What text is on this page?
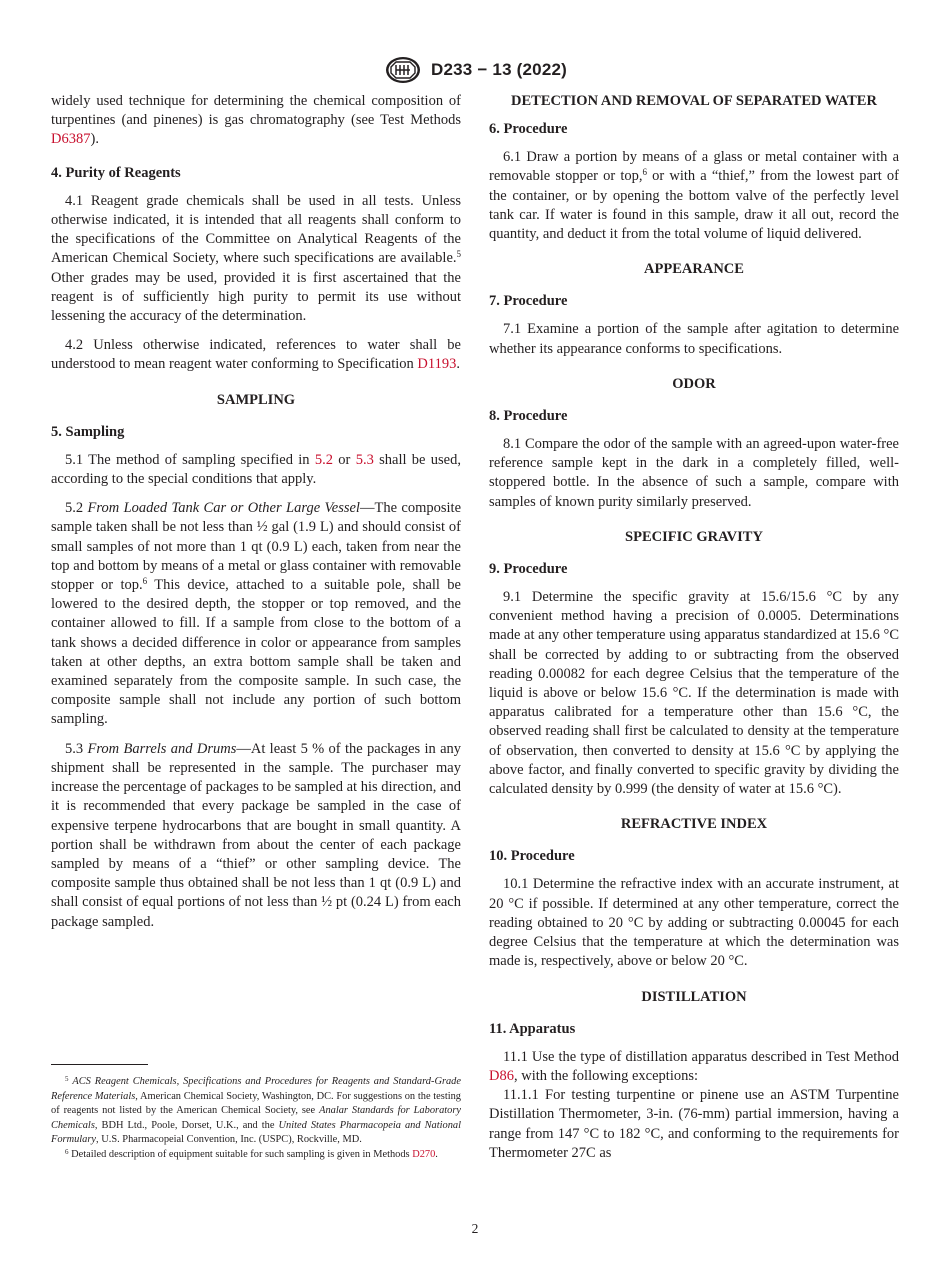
D233 − 13 (2022)

widely used technique for determining the chemical composition of turpentines (and pinenes) is gas chromatography (see Test Methods D6387).

4. Purity of Reagents

4.1 Reagent grade chemicals shall be used in all tests. Unless otherwise indicated, it is intended that all reagents shall conform to the specifications of the Committee on Analytical Reagents of the American Chemical Society, where such specifications are available.$^5$ Other grades may be used, provided it is first ascertained that the reagent is of sufficiently high purity to permit its use without lessening the accuracy of the determination.

4.2 Unless otherwise indicated, references to water shall be understood to mean reagent water conforming to Specification D1193.

SAMPLING
5. Sampling

5.1 The method of sampling specified in 5.2 or 5.3 shall be used, according to the special conditions that apply.

5.2 From Loaded Tank Car or Other Large Vessel—The composite sample taken shall be not less than ½ gal (1.9 L) and should consist of small samples of not more than 1 qt (0.9 L) each, taken from near the top and bottom by means of a metal or glass container with removable stopper or top.$^6$ This device, attached to a suitable pole, shall be lowered to the desired depth, the stopper or top removed, and the container allowed to fill. If a sample from close to the bottom of a tank shows a decided difference in color or appearance from samples taken at other depths, an extra bottom sample shall be taken and examined separately from the composite sample. In such case, the composite sample shall not include any portion of such bottom sampling.

5.3 From Barrels and Drums—At least 5 % of the packages in any shipment shall be represented in the sample. The purchaser may increase the percentage of packages to be sampled at his direction, and it is recommended that every package be sampled in the case of expensive terpene hydrocarbons that are bought in small quantity. A portion shall be withdrawn from about the center of each package sampled by means of a “thief” or other sampling device. The composite sample thus obtained shall be not less than 1 qt (0.9 L) and shall consist of equal portions of not less than ½ pt (0.24 L) from each package sampled.

$^5$ ACS Reagent Chemicals, Specifications and Procedures for Reagents and Standard-Grade Reference Materials, American Chemical Society, Washington, DC. For suggestions on the testing of reagents not listed by the American Chemical Society, see Analar Standards for Laboratory Chemicals, BDH Ltd., Poole, Dorset, U.K., and the United States Pharmacopeia and National Formulary, U.S. Pharmacopeial Convention, Inc. (USPC), Rockville, MD.

$^6$ Detailed description of equipment suitable for such sampling is given in Methods D270.

DETECTION AND REMOVAL OF SEPARATED WATER
6. Procedure

6.1 Draw a portion by means of a glass or metal container with a removable stopper or top,$^6$ or with a “thief,” from the lowest part of the container, or by opening the bottom valve of the perfectly level tank car. If water is found in this sample, draw it all out, record the quantity, and deduct it from the total volume of liquid delivered.

APPEARANCE
7. Procedure

7.1 Examine a portion of the sample after agitation to determine whether its appearance conforms to specifications.

ODOR
8. Procedure

8.1 Compare the odor of the sample with an agreed-upon water-free reference sample kept in the dark in a completely filled, well-stoppered bottle. In the absence of such a sample, compare with samples of known purity similarly preserved.

SPECIFIC GRAVITY
9. Procedure

9.1 Determine the specific gravity at 15.6/15.6 °C by any convenient method having a precision of 0.0005. Determinations made at any other temperature using apparatus standardized at 15.6 °C shall be corrected by adding to or subtracting from the observed reading 0.00082 for each degree Celsius that the temperature of the liquid is above or below 15.6 °C. If the determination is made with apparatus calibrated for a temperature other than 15.6 °C, the observed reading shall first be calculated to density at the temperature of observation, then converted to density at 15.6 °C by applying the above factor, and finally converted to specific gravity by dividing the calculated density by 0.999 (the density of water at 15.6 °C).

REFRACTIVE INDEX
10. Procedure

10.1 Determine the refractive index with an accurate instrument, at 20 °C if possible. If determined at any other temperature, correct the reading obtained to 20 °C by adding or subtracting 0.00045 for each degree Celsius that the temperature at which the determination was made is, respectively, above or below 20 °C.

DISTILLATION
11. Apparatus

11.1 Use the type of distillation apparatus described in Test Method D86, with the following exceptions:

11.1.1 For testing turpentine or pinene use an ASTM Turpentine Distillation Thermometer, 3-in. (76-mm) partial immersion, having a range from 147 °C to 182 °C, and conforming to the requirements for Thermometer 27C as

2
